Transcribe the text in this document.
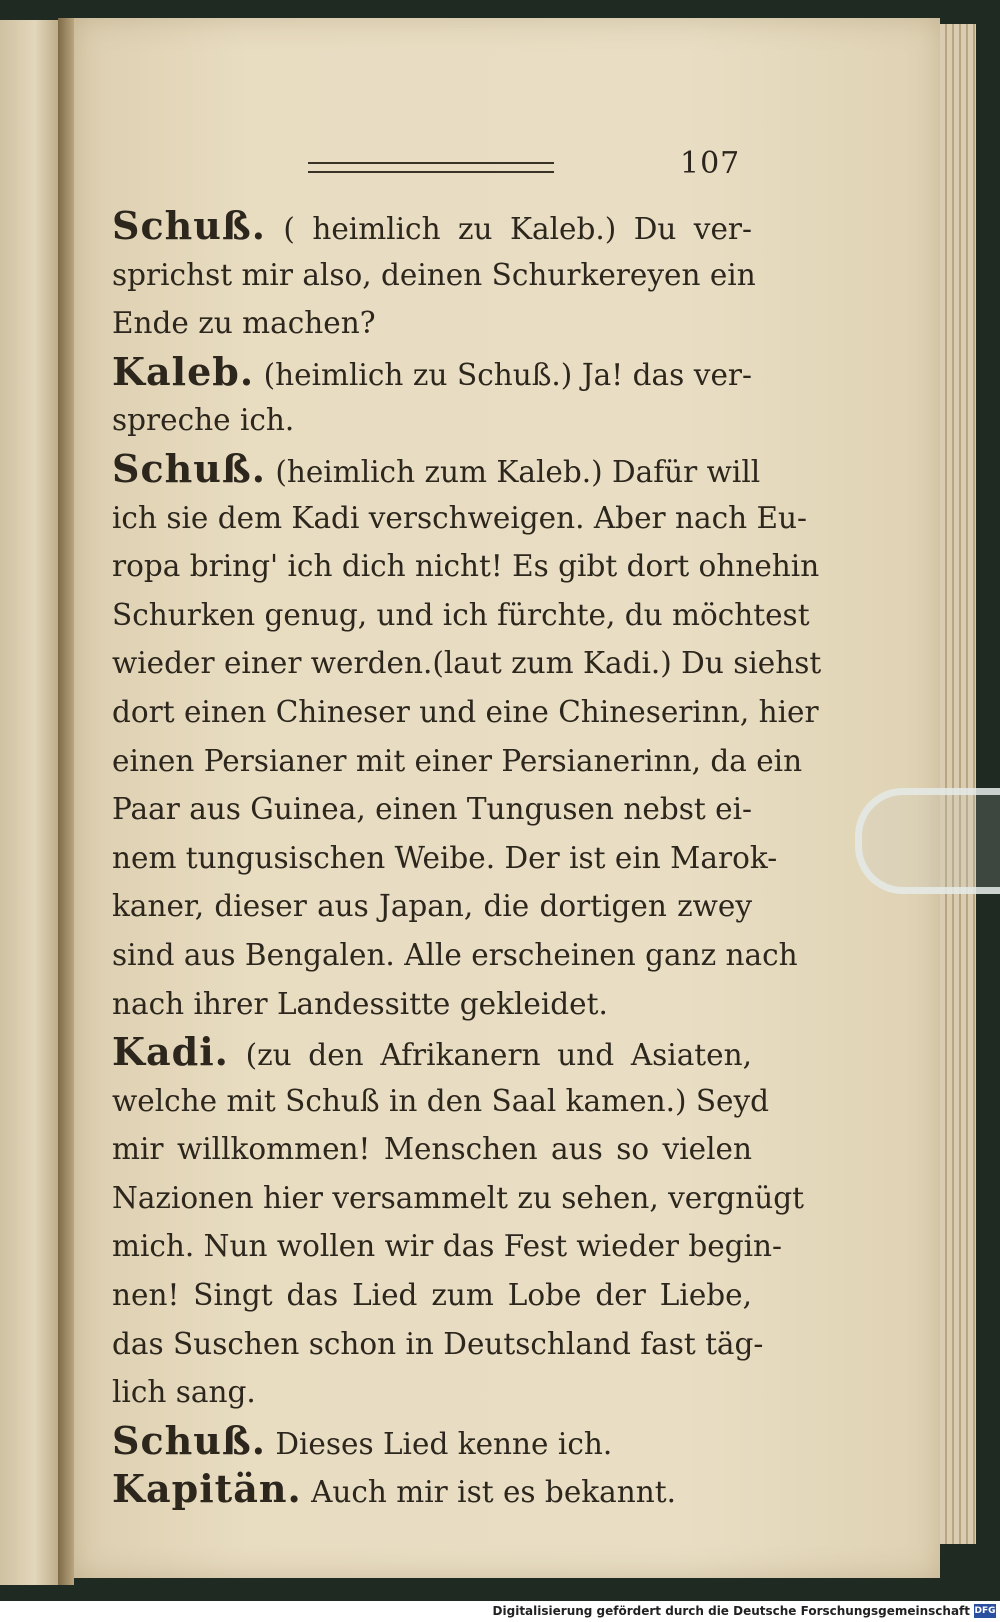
107
Schuß. ( heimlich zu Kaleb.) Du ver-
sprichst mir also, deinen Schurkereyen ein
Ende zu machen?
Kaleb. (heimlich zu Schuß.) Ja! das ver-
spreche ich.
Schuß. (heimlich zum Kaleb.) Dafür will
ich sie dem Kadi verschweigen. Aber nach Eu-
ropa bring' ich dich nicht! Es gibt dort ohnehin
Schurken genug, und ich fürchte, du möchtest
wieder einer werden.(laut zum Kadi.) Du siehst
dort einen Chineser und eine Chineserinn, hier
einen Persianer mit einer Persianerinn, da ein
Paar aus Guinea, einen Tungusen nebst ei-
nem tungusischen Weibe. Der ist ein Marok-
kaner, dieser aus Japan, die dortigen zwey
sind aus Bengalen. Alle erscheinen ganz nach
nach ihrer Landessitte gekleidet.
Kadi. (zu den Afrikanern und Asiaten,
welche mit Schuß in den Saal kamen.) Seyd
mir willkommen! Menschen aus so vielen
Nazionen hier versammelt zu sehen, vergnügt
mich. Nun wollen wir das Fest wieder begin-
nen! Singt das Lied zum Lobe der Liebe,
das Suschen schon in Deutschland fast täg-
lich sang.
Schuß. Dieses Lied kenne ich.
Kapitän. Auch mir ist es bekannt.
Digitalisierung gefördert durch die Deutsche Forschungsgemeinschaft DFG
